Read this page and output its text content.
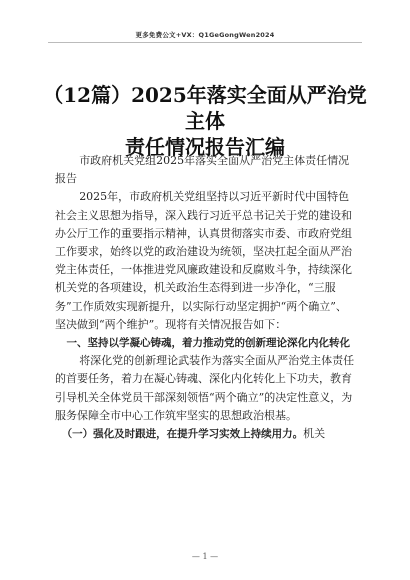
更多免费公文+VX：Q1GeGongWen2024
（12篇）2025年落实全面从严治党主体
责任情况报告汇编

市政府机关党组2025年落实全面从严治党主体责任情况报告

2025年，市政府机关党组坚持以习近平新时代中国特色社会主义思想为指导，深入践行习近平总书记关于党的建设和办公厅工作的重要指示精神，认真贯彻落实市委、市政府党组工作要求，始终以党的政治建设为统领，坚决扛起全面从严治党主体责任，一体推进党风廉政建设和反腐败斗争，持续深化机关党的各项建设，机关政治生态得到进一步净化，“三服务”工作质效实现新提升，以实际行动坚定拥护“两个确立”、坚决做到“两个维护”。现将有关情况报告如下：

一、坚持以学凝心铸魂，着力推动党的创新理论深化内化转化

将深化党的创新理论武装作为落实全面从严治党主体责任的首要任务，着力在凝心铸魂、深化内化转化上下功夫，教育引导机关全体党员干部深刻领悟“两个确立”的决定性意义，为服务保障全市中心工作筑牢坚实的思想政治根基。

（一）强化及时跟进，在提升学习实效上持续用力。机关

— 1 —
